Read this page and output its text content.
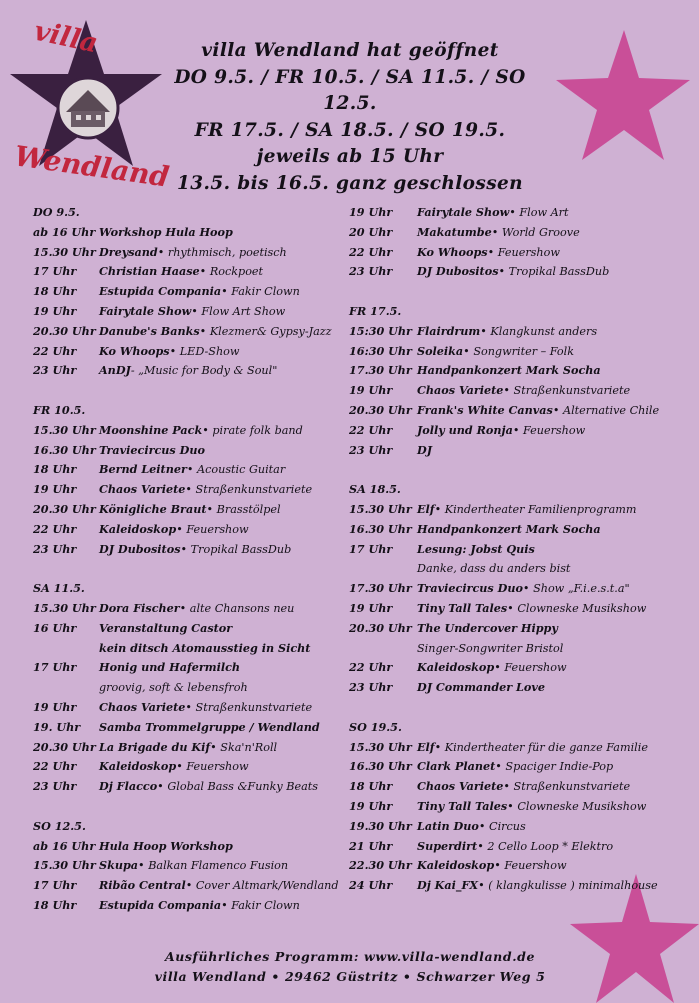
villa
Wendland
villa Wendland hat geöffnet
DO 9.5. / FR 10.5. / SA 11.5. / SO 12.5.
FR 17.5. / SA 18.5. / SO 19.5.
jeweils ab 15 Uhr
13.5. bis 16.5. ganz geschlossen
DO 9.5.
ab 16 Uhr Workshop Hula Hoop
15.30 Uhr Dreysand • rhythmisch, poetisch
17 Uhr	Christian Haase • Rockpoet
18 Uhr	Estupida Compania • Fakir Clown
19 Uhr	Fairytale Show • Flow Art Show
20.30 Uhr Danube's Banks • Klezmer& Gypsy-Jazz
22 Uhr	Ko Whoops • LED-Show
23 Uhr	AnDJ - „Music for Body & Soul"
FR 10.5.
15.30 Uhr Moonshine Pack • pirate folk band
16.30 Uhr Traviecircus Duo
18 Uhr	Bernd Leitner • Acoustic Guitar
19 Uhr	Chaos Variete • Straßenkunstvariete
20.30 Uhr Königliche Braut • Brasstölpel
22 Uhr	Kaleidoskop • Feuershow
23 Uhr	DJ Dubositos • Tropikal BassDub
SA 11.5.
15.30 Uhr Dora Fischer • alte Chansons neu
16 Uhr	Veranstaltung Castor
kein ditsch Atomausstieg in Sicht
17 Uhr	Honig und Hafermilch
groovig, soft & lebensfroh
19 Uhr	Chaos Variete • Straßenkunstvariete
19. Uhr	Samba Trommelgruppe / Wendland
20.30 Uhr La Brigade du Kif • Ska'n'Roll
22 Uhr	Kaleidoskop • Feuershow
23 Uhr	Dj Flacco • Global Bass &Funky Beats
SO 12.5.
ab 16 Uhr Hula Hoop Workshop
15.30 Uhr Skupa • Balkan Flamenco Fusion
17 Uhr	Ribão Central • Cover Altmark/Wendland
18 Uhr	Estupida Compania • Fakir Clown
19 Uhr	Fairytale Show • Flow Art
20 Uhr	Makatumbe • World Groove
22 Uhr	Ko Whoops • Feuershow
23 Uhr	DJ Dubositos • Tropikal BassDub
FR 17.5.
15:30 Uhr Flairdrum • Klangkunst anders
16:30 Uhr Soleika • Songwriter – Folk
17.30 Uhr Handpankonzert Mark Socha
19 Uhr	Chaos Variete • Straßenkunstvariete
20.30 Uhr Frank's White Canvas • Alternative Chile
22 Uhr	Jolly und Ronja • Feuershow
23 Uhr	DJ
SA 18.5.
15.30 Uhr Elf • Kindertheater Familienprogramm
16.30 Uhr Handpankonzert Mark Socha
17 Uhr	Lesung: Jobst Quis
Danke, dass du anders bist
17.30 Uhr Traviecircus Duo • Show „F.i.e.s.t.a"
19 Uhr	Tiny Tall Tales • Clowneske Musikshow
20.30 Uhr The Undercover Hippy
Singer-Songwriter Bristol
22 Uhr	Kaleidoskop • Feuershow
23 Uhr	DJ Commander Love
SO 19.5.
15.30 Uhr Elf • Kindertheater für die ganze Familie
16.30 Uhr Clark Planet • Spaciger Indie-Pop
18 Uhr	Chaos Variete • Straßenkunstvariete
19 Uhr	Tiny Tall Tales • Clowneske Musikshow
19.30 Uhr Latin Duo • Circus
21 Uhr	Superdirt • 2 Cello Loop * Elektro
22.30 Uhr Kaleidoskop • Feuershow
24 Uhr	Dj Kai_FX • ( klangkulisse ) minimalhouse
Ausführliches Programm: www.villa-wendland.de
villa Wendland • 29462 Güstritz • Schwarzer Weg 5
